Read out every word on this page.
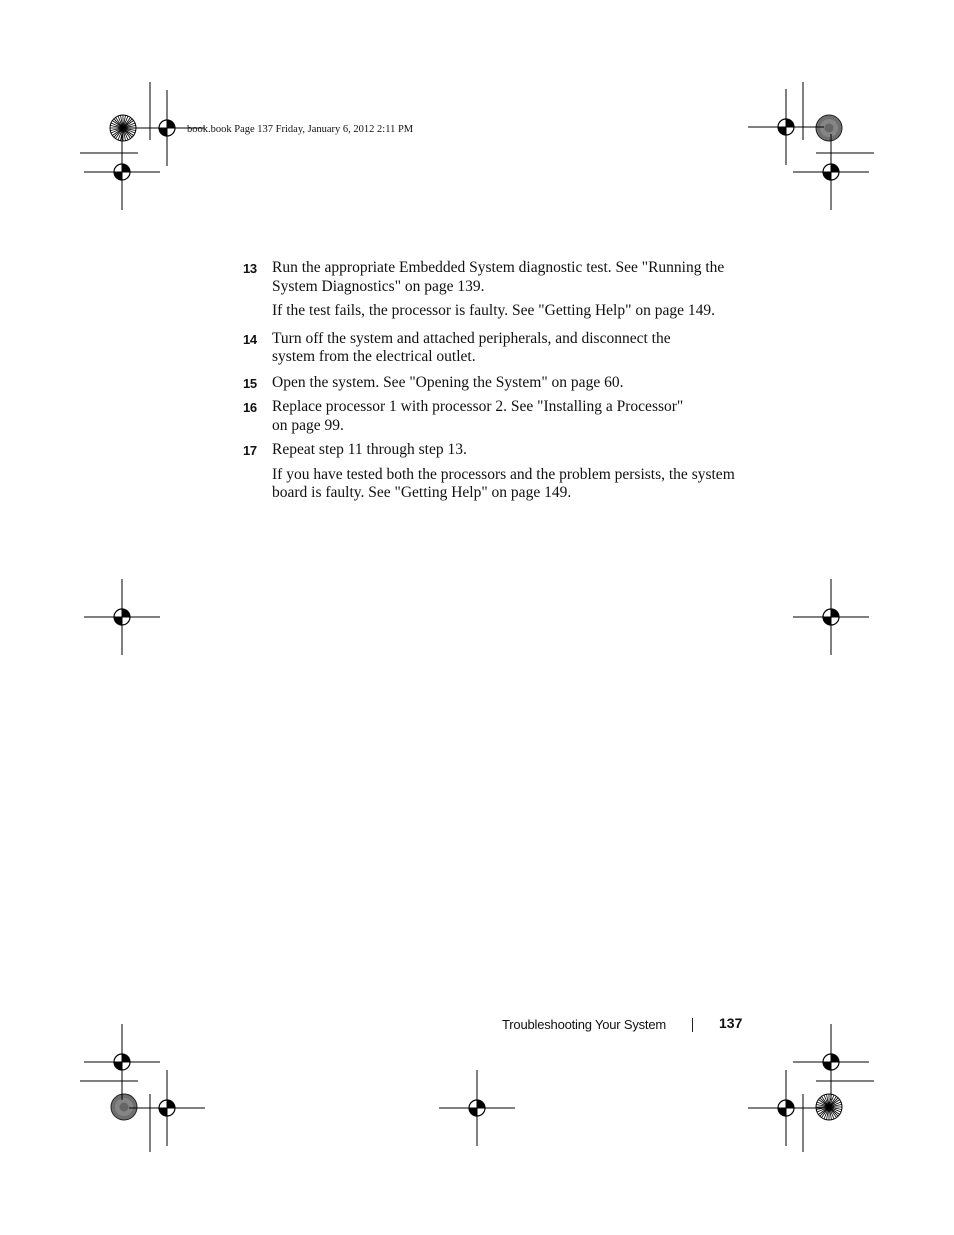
book.book Page 137 Friday, January 6, 2012 2:11 PM
13 Run the appropriate Embedded System diagnostic test. See "Running the System Diagnostics" on page 139.
If the test fails, the processor is faulty. See "Getting Help" on page 149.
14 Turn off the system and attached peripherals, and disconnect the system from the electrical outlet.
15 Open the system. See "Opening the System" on page 60.
16 Replace processor 1 with processor 2. See "Installing a Processor" on page 99.
17 Repeat step 11 through step 13.
If you have tested both the processors and the problem persists, the system board is faulty. See "Getting Help" on page 149.
Troubleshooting Your System	137
